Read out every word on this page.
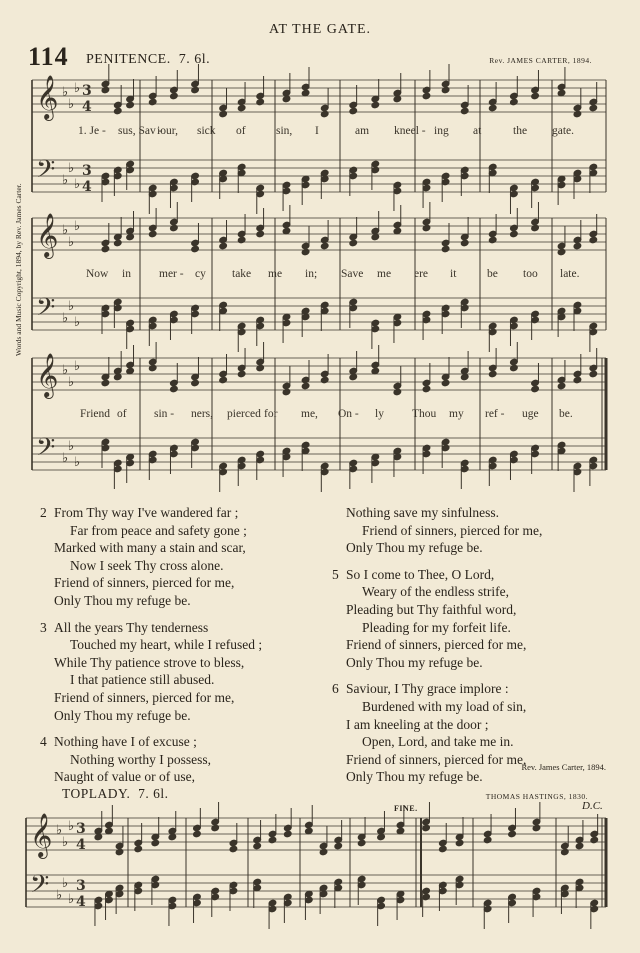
AT THE GATE.
114 PENITENCE. 7. 6l.	Rev. JAMES CARTER, 1894.
Words and Music Copyright, 1894, by Rev. James Carter.
𝄞 ♭
♭
♭
𝄢 ♭
♭
♭
3
4
3
4
𝄞 ♭
♭
♭
𝄢 ♭
♭
♭
𝄞 ♭
♭
♭
𝄢 ♭
♭
♭
𝄞 ♭
♭
♭
𝄢 ♭
♭
♭
3
4
3
4
1. Je - sus, Sav -
iour, sick of	sin, I	am kneel - ing at	the gate.
Now in mer - cy take me in; Save me ere it	be too late.
Friend of sin - ners, pierced for me, On - ly Thou my ref - uge be.
2 From Thy way I've wandered far ;
Far from peace and safety gone ;
Marked with many a stain and scar,
Now I seek Thy cross alone.
Friend of sinners, pierced for me,
Only Thou my refuge be.
3 All the years Thy tenderness
Touched my heart, while I refused ;
While Thy patience strove to bless,
I that patience still abused.
Friend of sinners, pierced for me,
Only Thou my refuge be.
4 Nothing have I of excuse ;
Nothing worthy I possess,
Naught of value or of use,
Nothing save my sinfulness.
Friend of sinners, pierced for me,
Only Thou my refuge be.
5 So I come to Thee, O Lord,
Weary of the endless strife,
Pleading but Thy faithful word,
Pleading for my forfeit life.
Friend of sinners, pierced for me,
Only Thou my refuge be.
6 Saviour, I Thy grace implore :
Burdened with my load of sin,
I am kneeling at the door ;
Open, Lord, and take me in.
Friend of sinners, pierced for me,
Only Thou my refuge be.
Rev. James Carter, 1894.
TOPLADY. 7. 6l.	THOMAS HASTINGS, 1830.
FINE.	D.C.
